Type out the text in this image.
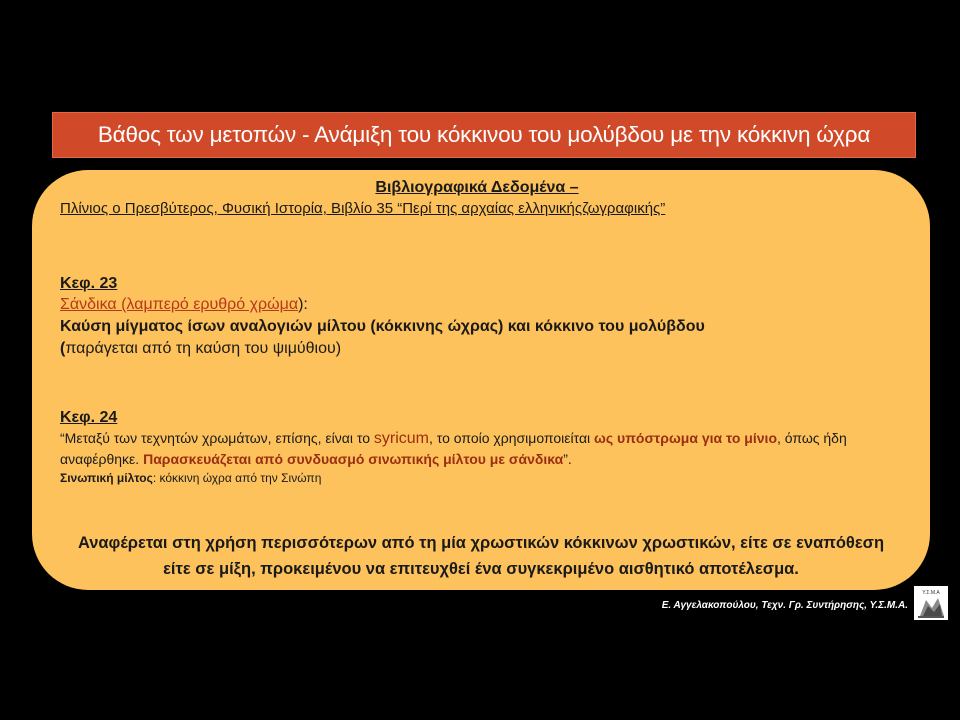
Βάθος των μετοπών - Ανάμιξη του κόκκινου του μολύβδου με την κόκκινη ώχρα

Βιβλιογραφικά Δεδομένα –

Πλίνιος ο Πρεσβύτερος, Φυσική Ιστορία, Βιβλίο 35 “Περί της αρχαίας ελληνικήςζωγραφικής”

Κεφ. 23
Σάνδικα (λαμπερό ερυθρό χρώμα):
Καύση μίγματος ίσων αναλογιών μίλτου (κόκκινης ώχρας) και κόκκινο του μολύβδου
(παράγεται από τη καύση του ψιμύθιου)
Κεφ. 24
“Μεταξύ των τεχνητών χρωμάτων, επίσης, είναι το syricum, το οποίο χρησιμοποιείται ως υπόστρωμα για το μίνιο, όπως ήδη αναφέρθηκε. Παρασκευάζεται από συνδυασμό σινωπικής μίλτου με σάνδικα”.
Σινωπική μίλτος: κόκκινη ώχρα από την Σινώπη
Αναφέρεται στη χρήση περισσότερων από τη μία χρωστικών κόκκινων χρωστικών, είτε σε εναπόθεση είτε σε μίξη, προκειμένου να επιτευχθεί ένα συγκεκριμένο αισθητικό αποτέλεσμα.
Ε. Αγγελακοπούλου, Τεχν. Γρ. Συντήρησης, Υ.Σ.Μ.Α.
Υ.Σ.Μ.Α
